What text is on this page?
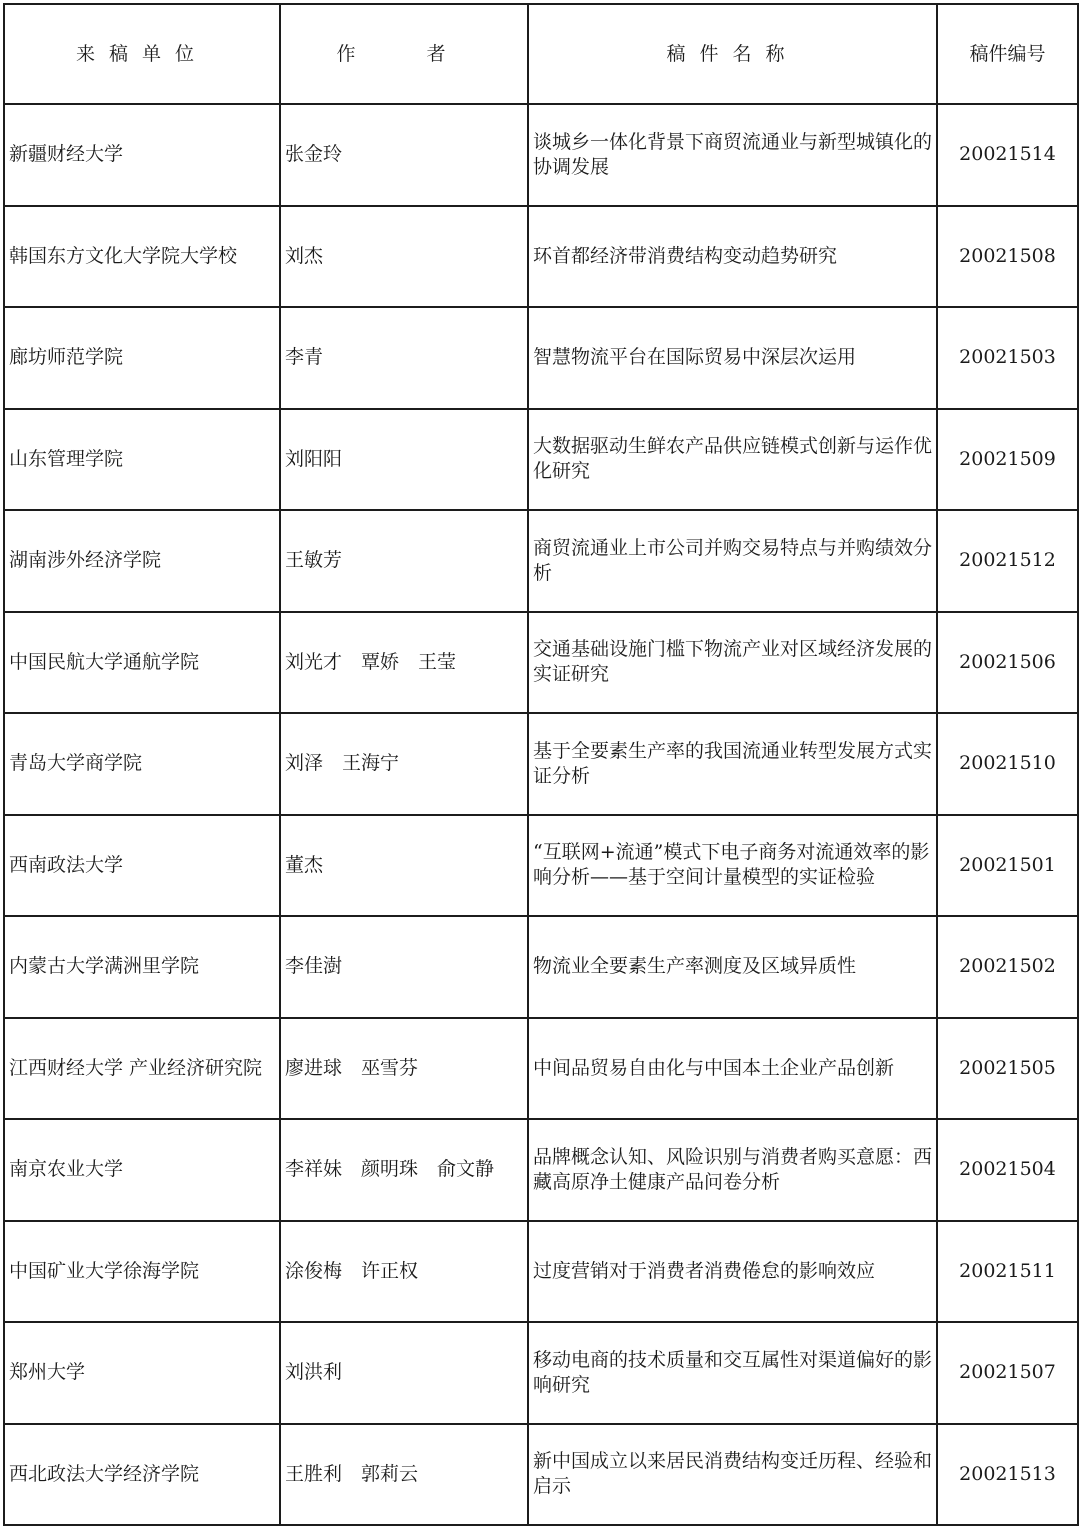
来稿单位	作　者	稿件名称	稿件编号
新疆财经大学	张金玲	谈城乡一体化背景下商贸流通业与新型城镇化的协调发展	20021514
韩国东方文化大学院大学校	刘杰	环首都经济带消费结构变动趋势研究	20021508
廊坊师范学院	李青	智慧物流平台在国际贸易中深层次运用	20021503
山东管理学院	刘阳阳	大数据驱动生鲜农产品供应链模式创新与运作优化研究	20021509
湖南涉外经济学院	王敏芳	商贸流通业上市公司并购交易特点与并购绩效分析	20021512
中国民航大学通航学院	刘光才　覃娇　王莹	交通基础设施门槛下物流产业对区域经济发展的实证研究	20021506
青岛大学商学院	刘泽　王海宁	基于全要素生产率的我国流通业转型发展方式实证分析	20021510
西南政法大学	董杰	“互联网+流通”模式下电子商务对流通效率的影响分析——基于空间计量模型的实证检验	20021501
内蒙古大学满洲里学院	李佳澍	物流业全要素生产率测度及区域异质性	20021502
江西财经大学 产业经济研究院	廖进球　巫雪芬	中间品贸易自由化与中国本土企业产品创新	20021505
南京农业大学	李祥妹　颜明珠　俞文静	品牌概念认知、风险识别与消费者购买意愿：西藏高原净土健康产品问卷分析	20021504
中国矿业大学徐海学院	涂俊梅　许正权	过度营销对于消费者消费倦怠的影响效应	20021511
郑州大学	刘洪利	移动电商的技术质量和交互属性对渠道偏好的影响研究	20021507
西北政法大学经济学院	王胜利　郭莉云	新中国成立以来居民消费结构变迁历程、经验和启示	20021513
